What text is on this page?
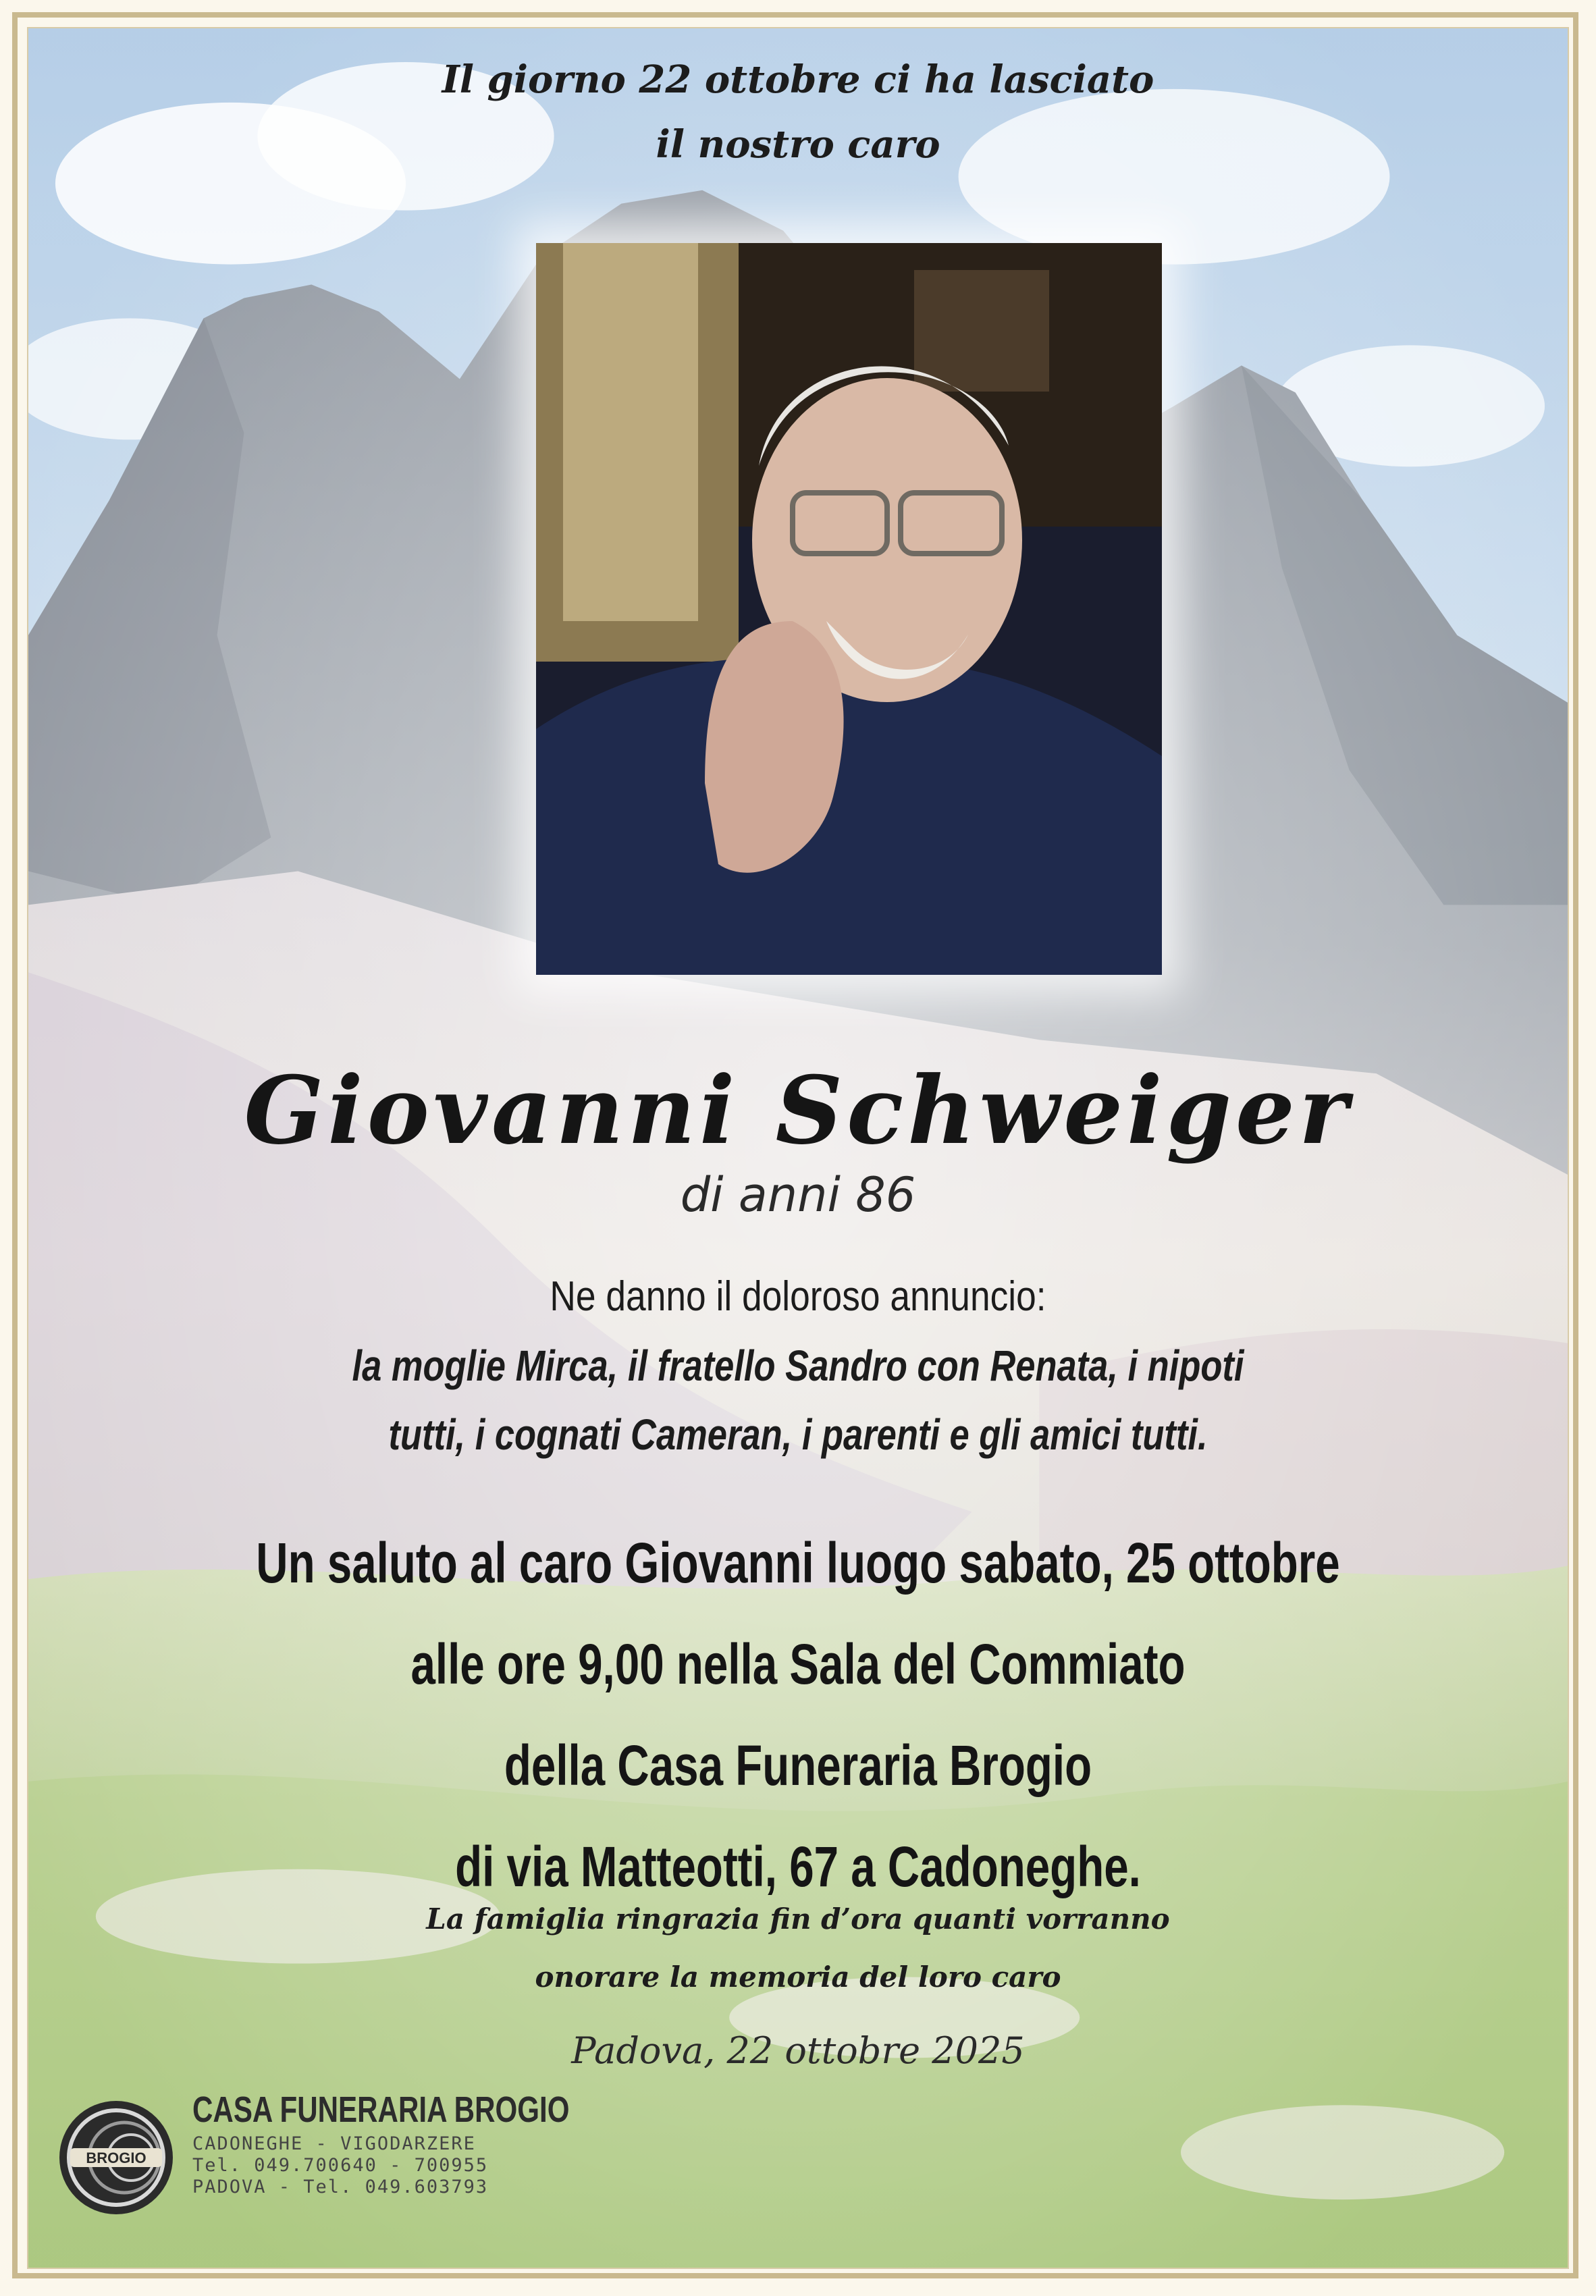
Il giorno 22 ottobre ci ha lasciato
il nostro caro
Giovanni Schweiger
di anni 86
Ne danno il doloroso annuncio:
la moglie Mirca, il fratello Sandro con Renata, i nipoti
tutti, i cognati Cameran, i parenti e gli amici tutti.
Un saluto al caro Giovanni luogo sabato, 25 ottobre
alle ore 9,00 nella Sala del Commiato
della Casa Funeraria Brogio
di via Matteotti, 67 a Cadoneghe.
La famiglia ringrazia fin d’ora quanti vorranno
onorare la memoria del loro caro
Padova, 22 ottobre 2025
BROGIO
CASA FUNERARIA BROGIO
CADONEGHE - VIGODARZERE
Tel. 049.700640 - 700955
PADOVA - Tel. 049.603793
